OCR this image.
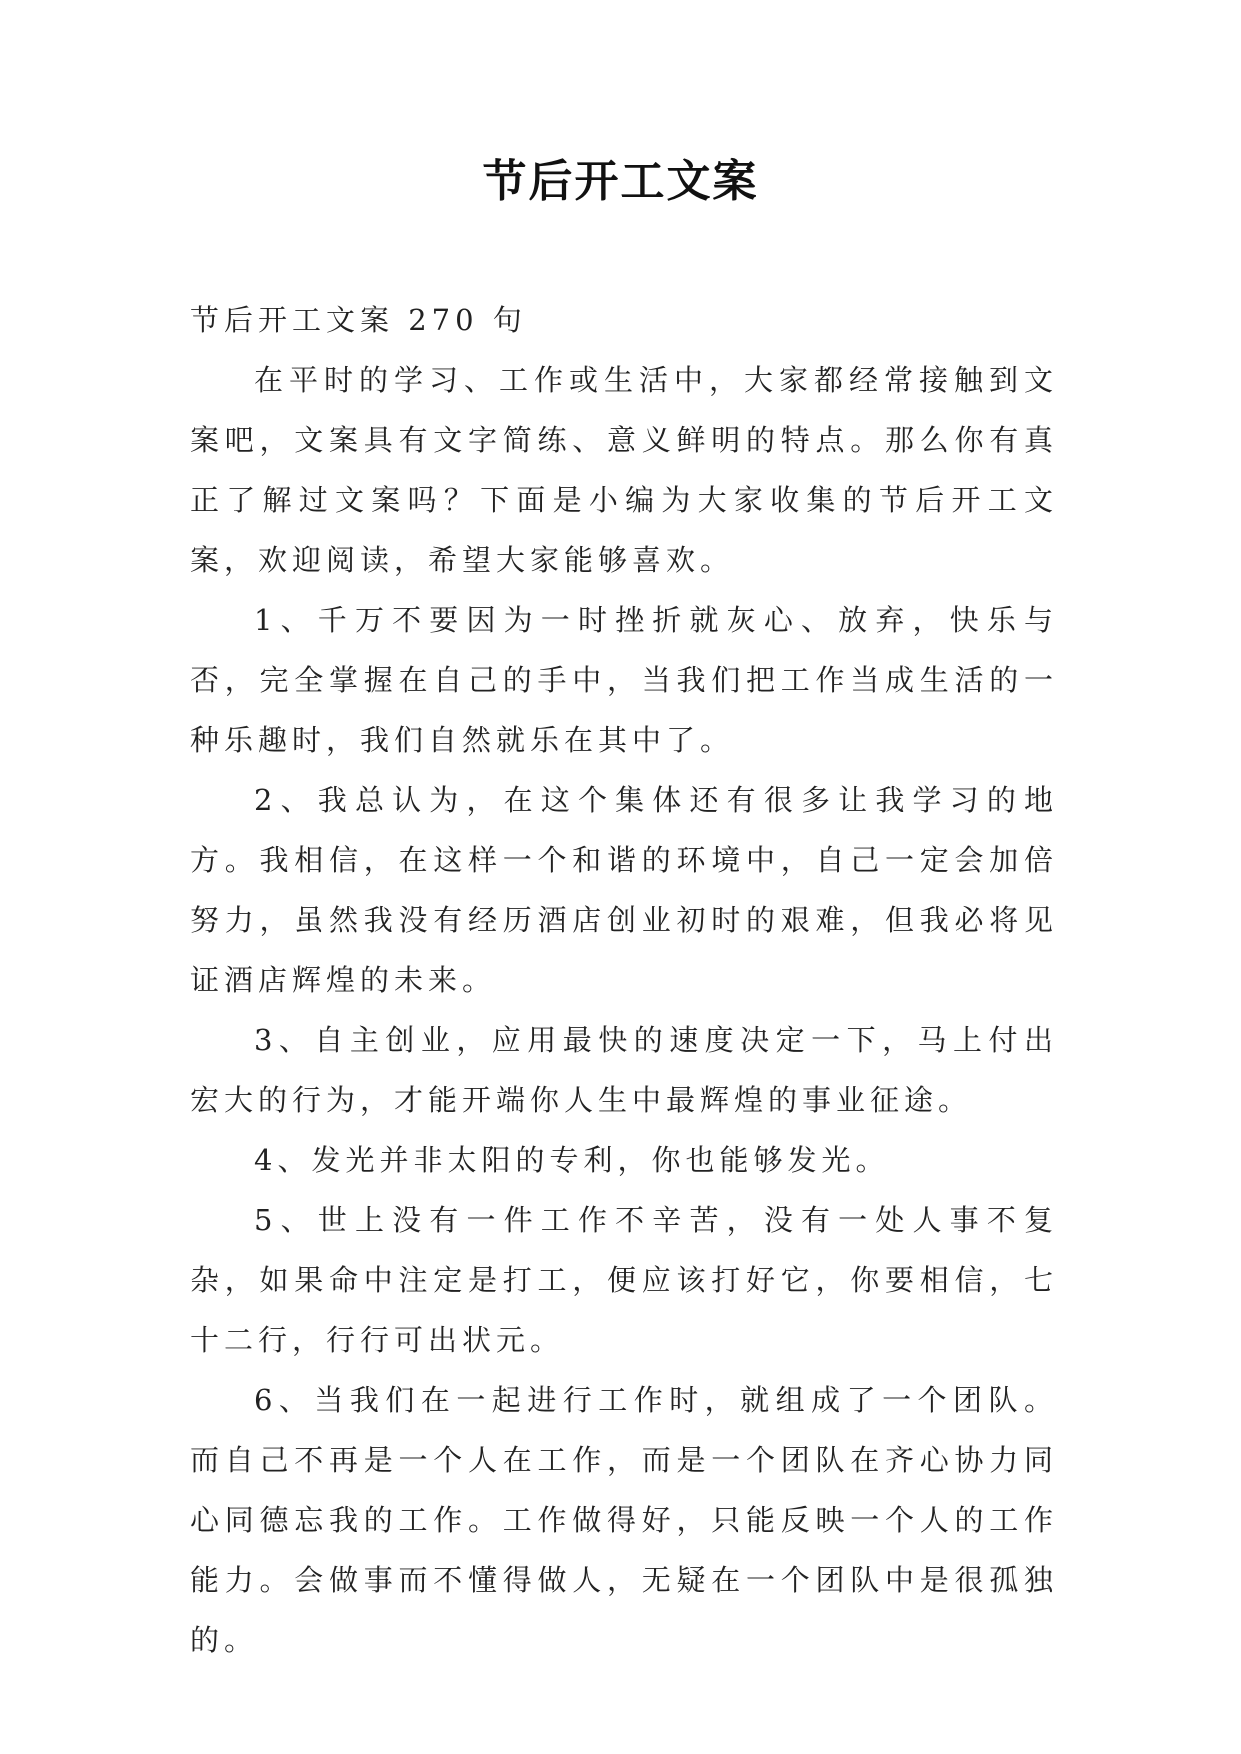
节后开工文案

节后开工文案 270 句

在平时的学习、工作或生活中，大家都经常接触到文案吧，文案具有文字简练、意义鲜明的特点。那么你有真正了解过文案吗？下面是小编为大家收集的节后开工文案，欢迎阅读，希望大家能够喜欢。

1、千万不要因为一时挫折就灰心、放弃，快乐与否，完全掌握在自己的手中，当我们把工作当成生活的一种乐趣时，我们自然就乐在其中了。

2、我总认为，在这个集体还有很多让我学习的地方。我相信，在这样一个和谐的环境中，自己一定会加倍努力，虽然我没有经历酒店创业初时的艰难，但我必将见证酒店辉煌的未来。

3、自主创业，应用最快的速度决定一下，马上付出宏大的行为，才能开端你人生中最辉煌的事业征途。

4、发光并非太阳的专利，你也能够发光。

5、世上没有一件工作不辛苦，没有一处人事不复杂，如果命中注定是打工，便应该打好它，你要相信，七十二行，行行可出状元。

6、当我们在一起进行工作时，就组成了一个团队。而自己不再是一个人在工作，而是一个团队在齐心协力同心同德忘我的工作。工作做得好，只能反映一个人的工作能力。会做事而不懂得做人，无疑在一个团队中是很孤独的。
